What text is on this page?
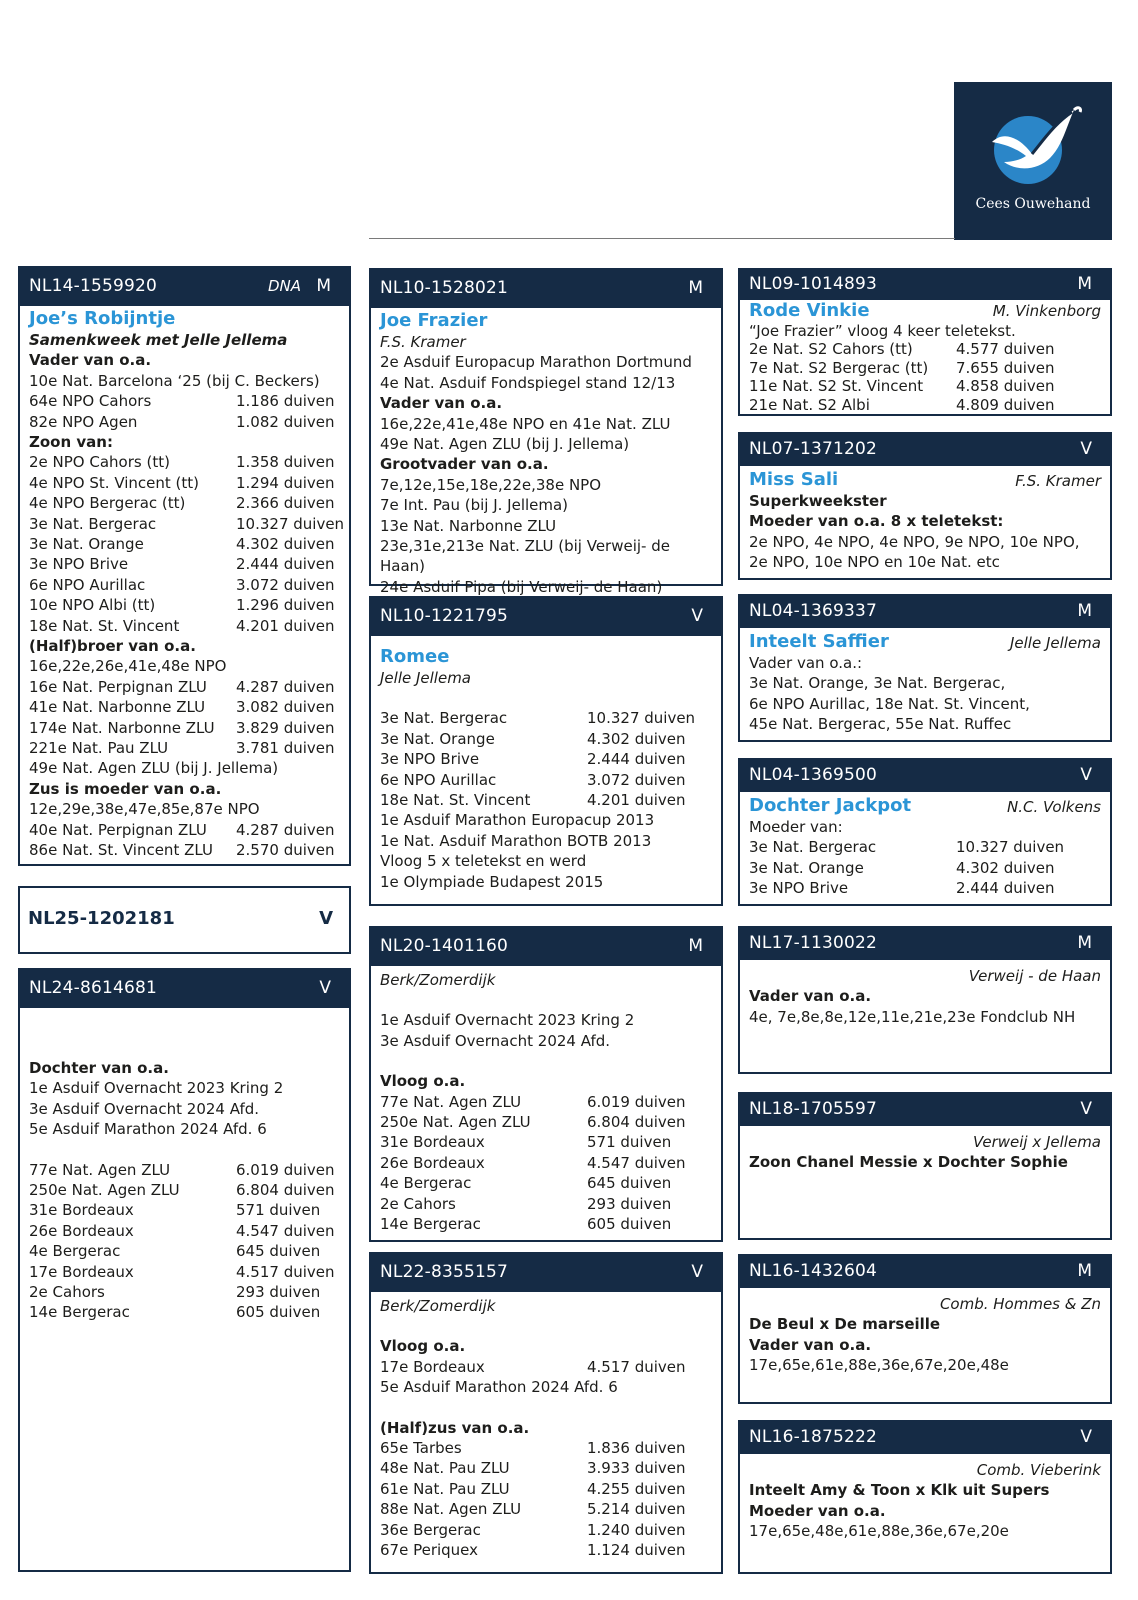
Cees Ouwehand
NL14-1559920	DNA M
Joe’s Robijntje
Samenkweek met Jelle Jellema
Vader van o.a.
10e Nat. Barcelona ‘25 (bij C. Beckers)
64e NPO Cahors	1.186 duiven
82e NPO Agen	1.082 duiven
Zoon van:
2e NPO Cahors (tt)	1.358 duiven
4e NPO St. Vincent (tt) 1.294 duiven
4e NPO Bergerac (tt)	2.366 duiven
3e Nat. Bergerac	10.327 duiven
3e Nat. Orange	4.302 duiven
3e NPO Brive	2.444 duiven
6e NPO Aurillac	3.072 duiven
10e NPO Albi (tt)	1.296 duiven
18e Nat. St. Vincent	4.201 duiven
(Half)broer van o.a.
16e,22e,26e,41e,48e NPO
16e Nat. Perpignan ZLU 4.287 duiven
41e Nat. Narbonne ZLU 3.082 duiven
174e Nat. Narbonne ZLU 3.829 duiven
221e Nat. Pau ZLU	3.781 duiven
49e Nat. Agen ZLU (bij J. Jellema)
Zus is moeder van o.a.
12e,29e,38e,47e,85e,87e NPO
40e Nat. Perpignan ZLU 4.287 duiven
86e Nat. St. Vincent ZLU 2.570 duiven
NL25-1202181	V
NL24-8614681	V
Dochter van o.a.
1e Asduif Overnacht 2023 Kring 2
3e Asduif Overnacht 2024 Afd.
5e Asduif Marathon 2024 Afd. 6
77e Nat. Agen ZLU	6.019 duiven
250e Nat. Agen ZLU	6.804 duiven
31e Bordeaux	571 duiven
26e Bordeaux	4.547 duiven
4e Bergerac	645 duiven
17e Bordeaux	4.517 duiven
2e Cahors	293 duiven
14e Bergerac	605 duiven
NL10-1528021	M
Joe Frazier
F.S. Kramer
2e Asduif Europacup Marathon Dortmund
4e Nat. Asduif Fondspiegel stand 12/13
Vader van o.a.
16e,22e,41e,48e NPO en 41e Nat. ZLU
49e Nat. Agen ZLU (bij J. Jellema)
Grootvader van o.a.
7e,12e,15e,18e,22e,38e NPO
7e Int. Pau (bij J. Jellema)
13e Nat. Narbonne ZLU
23e,31e,213e Nat. ZLU (bij Verweij- de Haan)
24e Asduif Pipa (bij Verweij- de Haan)
NL10-1221795	V
Romee
Jelle Jellema
3e Nat. Bergerac	10.327 duiven
3e Nat. Orange	4.302 duiven
3e NPO Brive	2.444 duiven
6e NPO Aurillac	3.072 duiven
18e Nat. St. Vincent	4.201 duiven
1e Asduif Marathon Europacup 2013
1e Nat. Asduif Marathon BOTB 2013
Vloog 5 x teletekst en werd
1e Olympiade Budapest 2015
NL20-1401160	M
Berk/Zomerdijk
1e Asduif Overnacht 2023 Kring 2
3e Asduif Overnacht 2024 Afd.
Vloog o.a.
77e Nat. Agen ZLU	6.019 duiven
250e Nat. Agen ZLU	6.804 duiven
31e Bordeaux	571 duiven
26e Bordeaux	4.547 duiven
4e Bergerac	645 duiven
2e Cahors	293 duiven
14e Bergerac	605 duiven
NL22-8355157	V
Berk/Zomerdijk
Vloog o.a.
17e Bordeaux	4.517 duiven
5e Asduif Marathon 2024 Afd. 6
(Half)zus van o.a.
65e Tarbes	1.836 duiven
48e Nat. Pau ZLU	3.933 duiven
61e Nat. Pau ZLU	4.255 duiven
88e Nat. Agen ZLU	5.214 duiven
36e Bergerac	1.240 duiven
67e Periquex	1.124 duiven
NL09-1014893	M
Rode Vinkie	M. Vinkenborg
“Joe Frazier” vloog 4 keer teletekst.
2e Nat. S2 Cahors (tt)	4.577 duiven
7e Nat. S2 Bergerac (tt) 7.655 duiven
11e Nat. S2 St. Vincent 4.858 duiven
21e Nat. S2 Albi	4.809 duiven
NL07-1371202	V
Miss Sali	F.S. Kramer
Superkweekster
Moeder van o.a. 8 x teletekst:
2e NPO, 4e NPO, 4e NPO, 9e NPO, 10e NPO,
2e NPO, 10e NPO en 10e Nat. etc
NL04-1369337	M
Inteelt Saffier	Jelle Jellema
Vader van o.a.:
3e Nat. Orange, 3e Nat. Bergerac,
6e NPO Aurillac, 18e Nat. St. Vincent,
45e Nat. Bergerac, 55e Nat. Ruffec
NL04-1369500	V
Dochter Jackpot	N.C. Volkens
Moeder van:
3e Nat. Bergerac	10.327 duiven
3e Nat. Orange	4.302 duiven
3e NPO Brive	2.444 duiven
NL17-1130022	M
Verweij - de Haan
Vader van o.a.
4e, 7e,8e,8e,12e,11e,21e,23e Fondclub NH
NL18-1705597	V
Verweij x Jellema
Zoon Chanel Messie x Dochter Sophie
NL16-1432604	M
Comb. Hommes & Zn
De Beul x De marseille
Vader van o.a.
17e,65e,61e,88e,36e,67e,20e,48e
NL16-1875222	V
Comb. Vieberink
Inteelt Amy & Toon x Klk uit Supers
Moeder van o.a.
17e,65e,48e,61e,88e,36e,67e,20e
